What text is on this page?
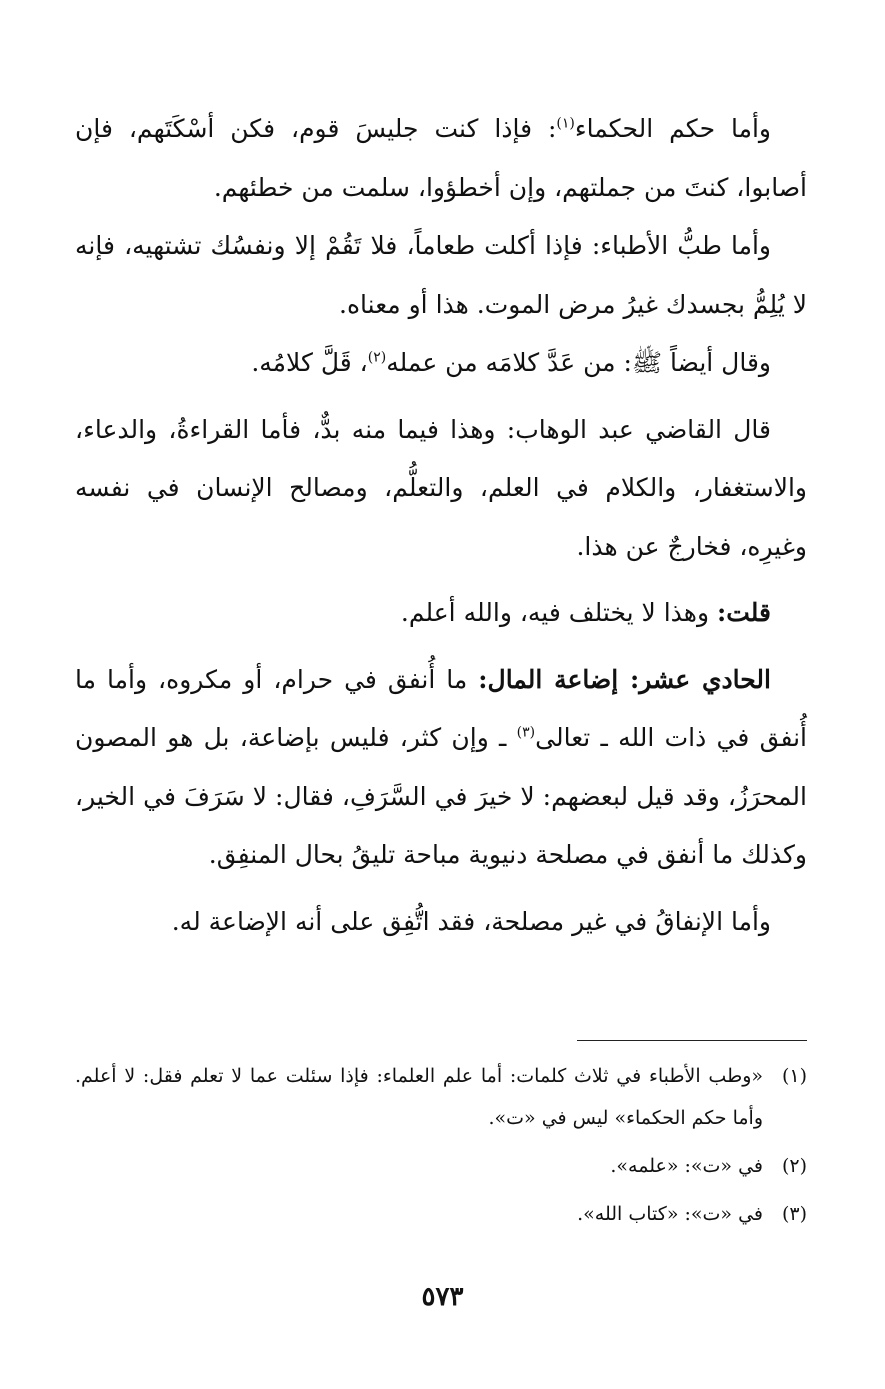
وأما حكم الحكماء$^{(١)}$: فإذا كنت جليسَ قوم، فكن أسْكَتَهم، فإن أصابوا، كنتَ من جملتهم، وإن أخطؤوا، سلمت من خطئهم.

وأما طبُّ الأطباء: فإذا أكلت طعاماً، فلا تَقُمْ إلا ونفسُك تشتهيه، فإنه لا يُلِمُّ بجسدك غيرُ مرض الموت. هذا أو معناه.

وقال أيضاً ﷺ: من عَدَّ كلامَه من عمله$^{(٢)}$، قَلَّ كلامُه.

قال القاضي عبد الوهاب: وهذا فيما منه بدٌّ، فأما القراءةُ، والدعاء، والاستغفار، والكلام في العلم، والتعلُّم، ومصالح الإنسان في نفسه وغيرِه، فخارجٌ عن هذا.

قلت: وهذا لا يختلف فيه، والله أعلم.

الحادي عشر: إضاعة المال: ما أُنفق في حرام، أو مكروه، وأما ما أُنفق في ذات الله ـ تعالى$^{(٣)}$ ـ وإن كثر، فليس بإضاعة، بل هو المصون المحرَزُ، وقد قيل لبعضهم: لا خيرَ في السَّرَفِ، فقال: لا سَرَفَ في الخير، وكذلك ما أنفق في مصلحة دنيوية مباحة تليقُ بحال المنفِق.

وأما الإنفاقُ في غير مصلحة، فقد اتُّفِق على أنه الإضاعة له.

(١)
«وطب الأطباء في ثلاث كلمات: أما علم العلماء: فإذا سئلت عما لا تعلم فقل: لا أعلم. وأما حكم الحكماء» ليس في «ت».
(٢)
في «ت»: «علمه».
(٣)
في «ت»: «كتاب الله».
٥٧٣
